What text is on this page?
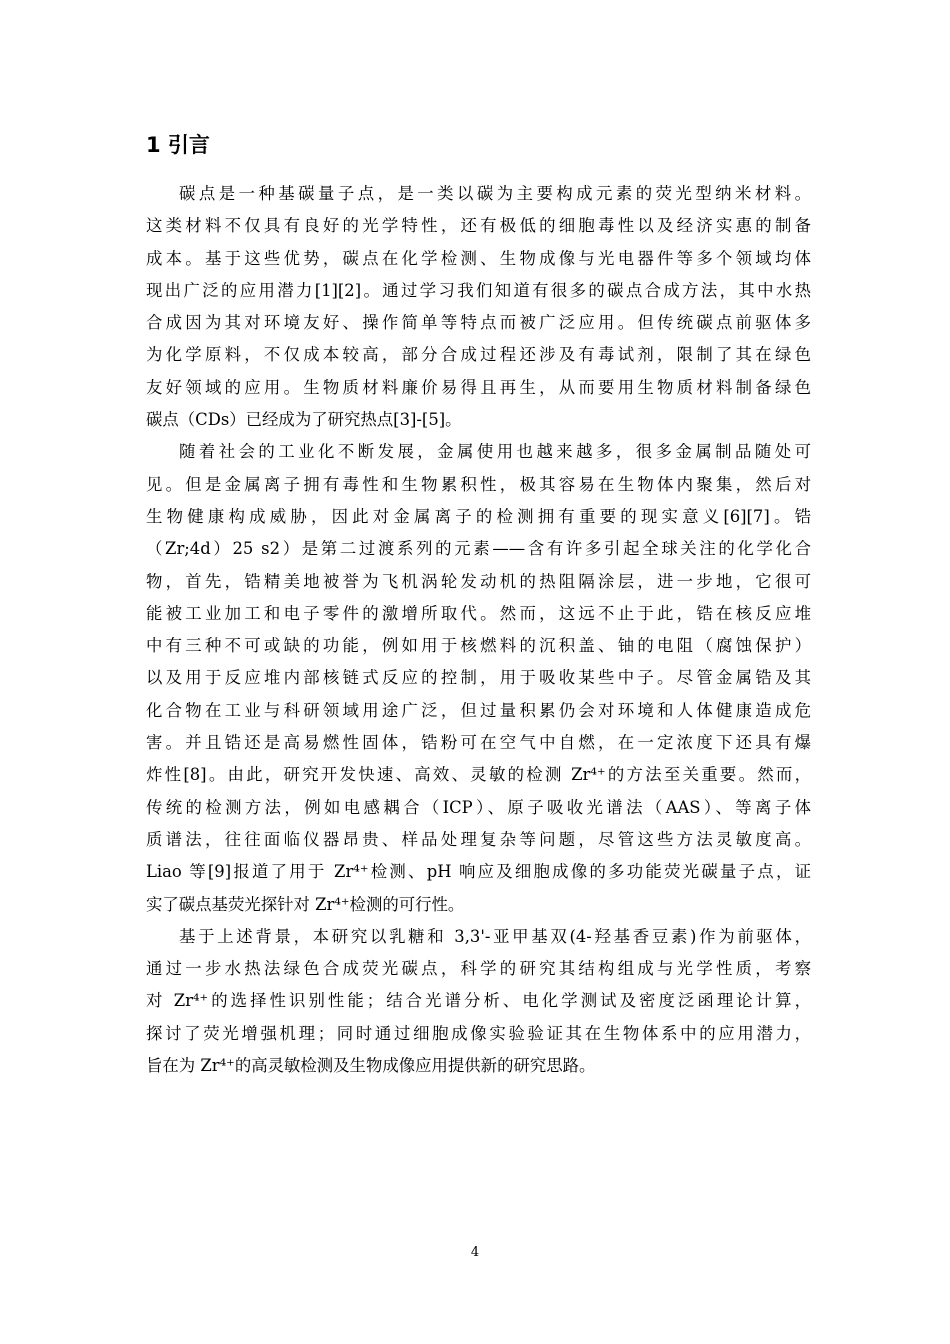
1 引言
碳点是一种基碳量子点，是一类以碳为主要构成元素的荧光型纳米材料。
这类材料不仅具有良好的光学特性，还有极低的细胞毒性以及经济实惠的制备
成本。基于这些优势，碳点在化学检测、生物成像与光电器件等多个领域均体
现出广泛的应用潜力[1][2]。通过学习我们知道有很多的碳点合成方法，其中水热
合成因为其对环境友好、操作简单等特点而被广泛应用。但传统碳点前驱体多
为化学原料，不仅成本较高，部分合成过程还涉及有毒试剂，限制了其在绿色
友好领域的应用。生物质材料廉价易得且再生，从而要用生物质材料制备绿色
碳点（CDs）已经成为了研究热点[3]-[5]。
随着社会的工业化不断发展，金属使用也越来越多，很多金属制品随处可
见。但是金属离子拥有毒性和生物累积性，极其容易在生物体内聚集，然后对
生物健康构成威胁，因此对金属离子的检测拥有重要的现实意义[6][7]。锆
（Zr;4d）25 s2）是第二过渡系列的元素——含有许多引起全球关注的化学化合
物，首先，锆精美地被誉为飞机涡轮发动机的热阻隔涂层，进一步地，它很可
能被工业加工和电子零件的激增所取代。然而，这远不止于此，锆在核反应堆
中有三种不可或缺的功能，例如用于核燃料的沉积盖、铀的电阻（腐蚀保护）
以及用于反应堆内部核链式反应的控制，用于吸收某些中子。尽管金属锆及其
化合物在工业与科研领域用途广泛，但过量积累仍会对环境和人体健康造成危
害。并且锆还是高易燃性固体，锆粉可在空气中自燃，在一定浓度下还具有爆
炸性[8]。由此，研究开发快速、高效、灵敏的检测 Zr⁴⁺的方法至关重要。然而，
传统的检测方法，例如电感耦合（ICP）、原子吸收光谱法（AAS）、等离子体
质谱法，往往面临仪器昂贵、样品处理复杂等问题，尽管这些方法灵敏度高。
Liao 等[9]报道了用于 Zr⁴⁺检测、pH 响应及细胞成像的多功能荧光碳量子点，证
实了碳点基荧光探针对 Zr⁴⁺检测的可行性。
基于上述背景，本研究以乳糖和 3,3'-亚甲基双(4-羟基香豆素)作为前驱体，
通过一步水热法绿色合成荧光碳点，科学的研究其结构组成与光学性质，考察
对 Zr⁴⁺的选择性识别性能；结合光谱分析、电化学测试及密度泛函理论计算，
探讨了荧光增强机理；同时通过细胞成像实验验证其在生物体系中的应用潜力，
旨在为 Zr⁴⁺的高灵敏检测及生物成像应用提供新的研究思路。
4
